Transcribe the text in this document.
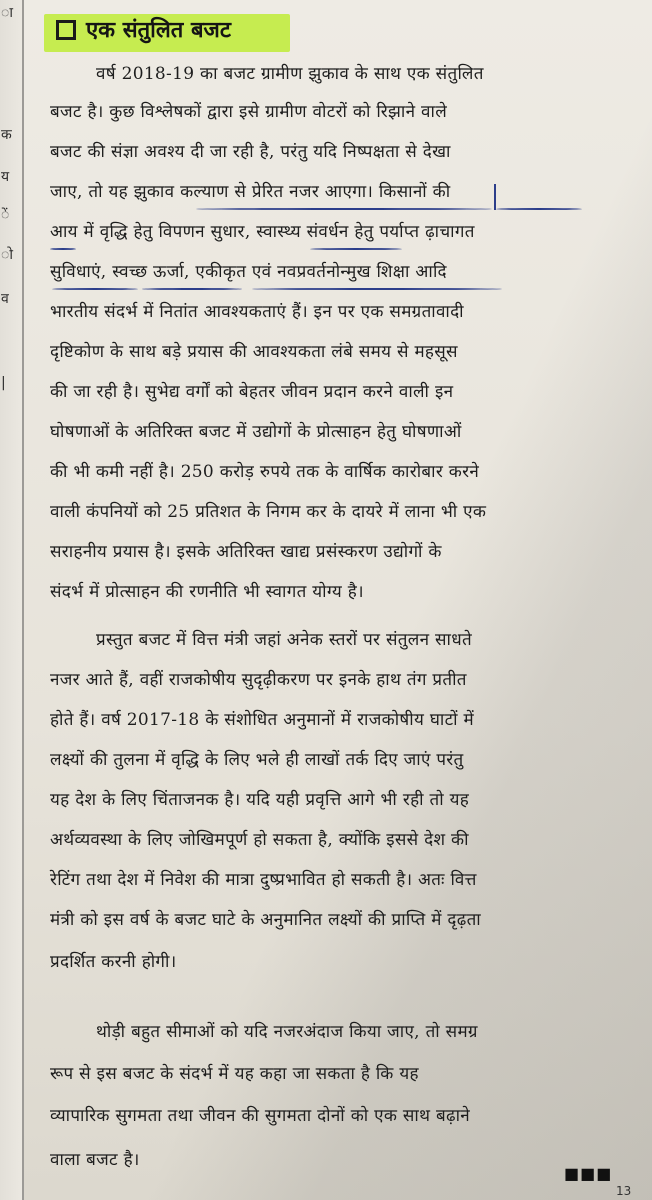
ा
क
य
ें
ो
व
|
एक संतुलित बजट
वर्ष 2018-19 का बजट ग्रामीण झुकाव के साथ एक संतुलित
बजट है। कुछ विश्लेषकों द्वारा इसे ग्रामीण वोटरों को रिझाने वाले
बजट की संज्ञा अवश्य दी जा रही है, परंतु यदि निष्पक्षता से देखा
जाए, तो यह झुकाव कल्याण से प्रेरित नजर आएगा। किसानों की
आय में वृद्धि हेतु विपणन सुधार, स्वास्थ्य संवर्धन हेतु पर्याप्त ढ़ाचागत
सुविधाएं, स्वच्छ ऊर्जा, एकीकृत एवं नवप्रवर्तनोन्मुख शिक्षा आदि
भारतीय संदर्भ में नितांत आवश्यकताएं हैं। इन पर एक समग्रतावादी
दृष्टिकोण के साथ बड़े प्रयास की आवश्यकता लंबे समय से महसूस
की जा रही है। सुभेद्य वर्गों को बेहतर जीवन प्रदान करने वाली इन
घोषणाओं के अतिरिक्त बजट में उद्योगों के प्रोत्साहन हेतु घोषणाओं
की भी कमी नहीं है। 250 करोड़ रुपये तक के वार्षिक कारोबार करने
वाली कंपनियों को 25 प्रतिशत के निगम कर के दायरे में लाना भी एक
सराहनीय प्रयास है। इसके अतिरिक्त खाद्य प्रसंस्करण उद्योगों के
संदर्भ में प्रोत्साहन की रणनीति भी स्वागत योग्य है।
प्रस्तुत बजट में वित्त मंत्री जहां अनेक स्तरों पर संतुलन साधते
नजर आते हैं, वहीं राजकोषीय सुदृढ़ीकरण पर इनके हाथ तंग प्रतीत
होते हैं। वर्ष 2017-18 के संशोधित अनुमानों में राजकोषीय घाटों में
लक्ष्यों की तुलना में वृद्धि के लिए भले ही लाखों तर्क दिए जाएं परंतु
यह देश के लिए चिंताजनक है। यदि यही प्रवृत्ति आगे भी रही तो यह
अर्थव्यवस्था के लिए जोखिमपूर्ण हो सकता है, क्योंकि इससे देश की
रेटिंग तथा देश में निवेश की मात्रा दुष्प्रभावित हो सकती है। अतः वित्त
मंत्री को इस वर्ष के बजट घाटे के अनुमानित लक्ष्यों की प्राप्ति में दृढ़ता
प्रदर्शित करनी होगी।
थोड़ी बहुत सीमाओं को यदि नजरअंदाज किया जाए, तो समग्र
रूप से इस बजट के संदर्भ में यह कहा जा सकता है कि यह
व्यापारिक सुगमता तथा जीवन की सुगमता दोनों को एक साथ बढ़ाने
वाला बजट है।
■■■
13
